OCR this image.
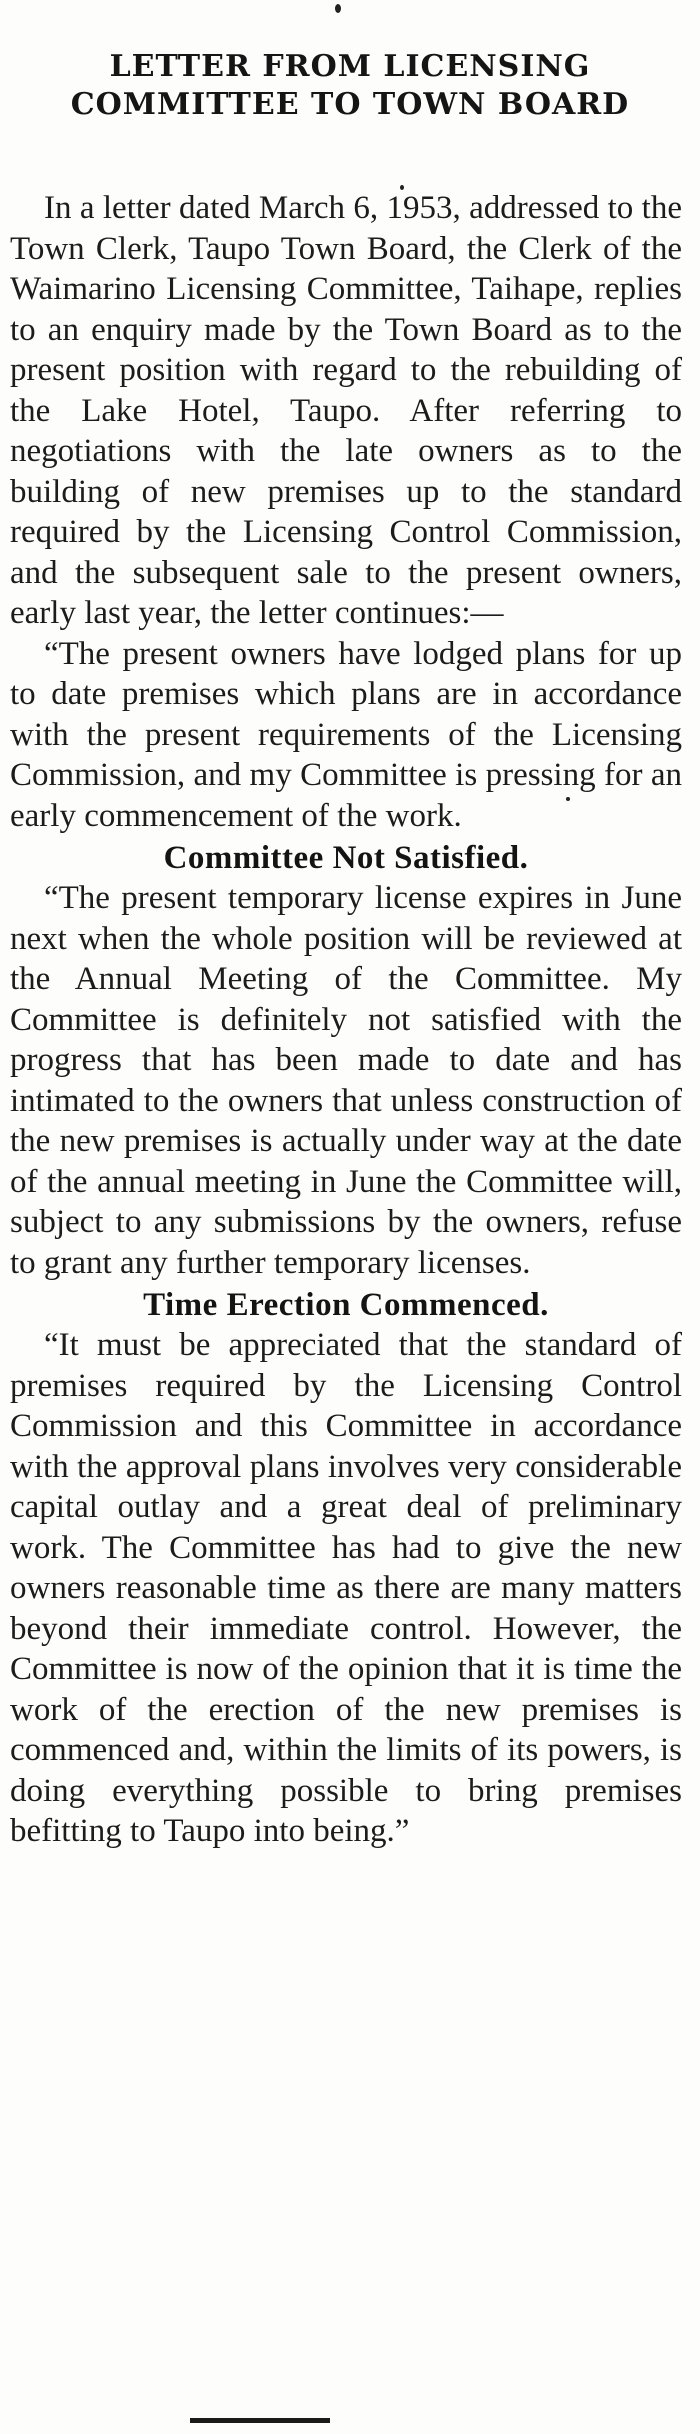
LETTER FROM LICENSING COMMITTEE TO TOWN BOARD

In a letter dated March 6, 1953, addressed to the Town Clerk, Taupo Town Board, the Clerk of the Waimarino Licensing Committee, Taihape, replies to an enquiry made by the Town Board as to the present position with regard to the rebuilding of the Lake Hotel, Taupo. After referring to negotiations with the late owners as to the building of new premises up to the standard required by the Licensing Control Commission, and the subsequent sale to the present owners, early last year, the letter continues:—

“The present owners have lodged plans for up to date premises which plans are in accordance with the present requirements of the Licensing Commission, and my Committee is pressing for an early commencement of the work.

Committee Not Satisfied.

“The present temporary license expires in June next when the whole position will be reviewed at the Annual Meeting of the Committee. My Committee is definitely not satisfied with the progress that has been made to date and has intimated to the owners that unless construction of the new premises is actually under way at the date of the annual meeting in June the Committee will, subject to any submissions by the owners, refuse to grant any further temporary licenses.

Time Erection Commenced.

“It must be appreciated that the standard of premises required by the Licensing Control Commission and this Committee in accordance with the approval plans involves very considerable capital outlay and a great deal of preliminary work. The Committee has had to give the new owners reasonable time as there are many matters beyond their immediate control. However, the Committee is now of the opinion that it is time the work of the erection of the new premises is commenced and, within the limits of its powers, is doing everything possible to bring premises befitting to Taupo into being.”
